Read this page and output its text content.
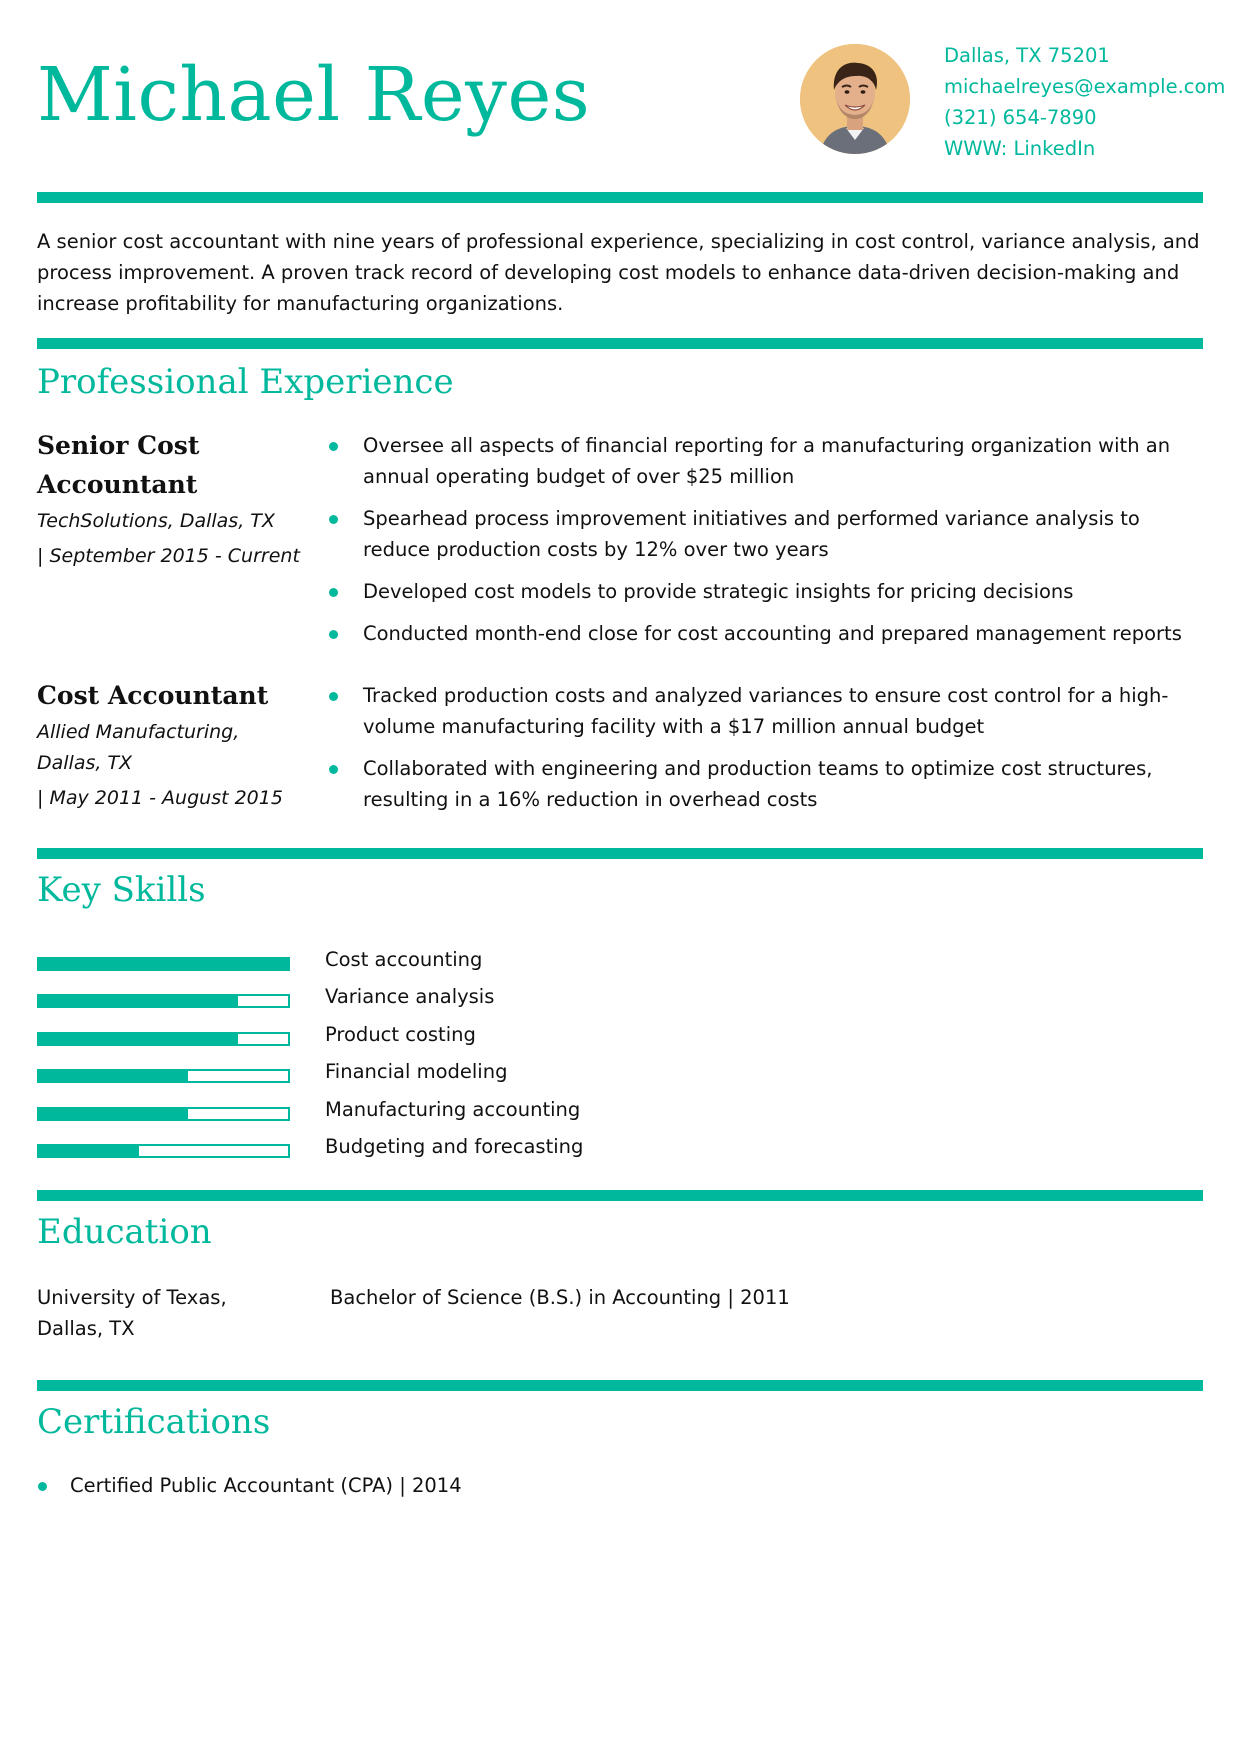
Michael Reyes	Dallas, TX 75201
michaelreyes@example.com
(321) 654-7890
WWW: LinkedIn

A senior cost accountant with nine years of professional experience, specializing in cost control, variance analysis, and process improvement. A proven track record of developing cost models to enhance data-driven decision-making and increase profitability for manufacturing organizations.

Professional Experience

Senior Cost Accountant

TechSolutions, Dallas, TX
| September 2015 - Current
Oversee all aspects of financial reporting for a manufacturing organization with an annual operating budget of over $25 million
Spearhead process improvement initiatives and performed variance analysis to reduce production costs by 12% over two years
Developed cost models to provide strategic insights for pricing decisions
Conducted month-end close for cost accounting and prepared management reports

Cost Accountant

Allied Manufacturing, Dallas, TX
| May 2011 - August 2015
Tracked production costs and analyzed variances to ensure cost control for a high-volume manufacturing facility with a $17 million annual budget
Collaborated with engineering and production teams to optimize cost structures, resulting in a 16% reduction in overhead costs
Key Skills
Cost accounting
Variance analysis
Product costing
Financial modeling
Manufacturing accounting
Budgeting and forecasting
Education
University of Texas, Dallas, TX
Bachelor of Science (B.S.) in Accounting | 2011
Certifications
Certified Public Accountant (CPA) | 2014
